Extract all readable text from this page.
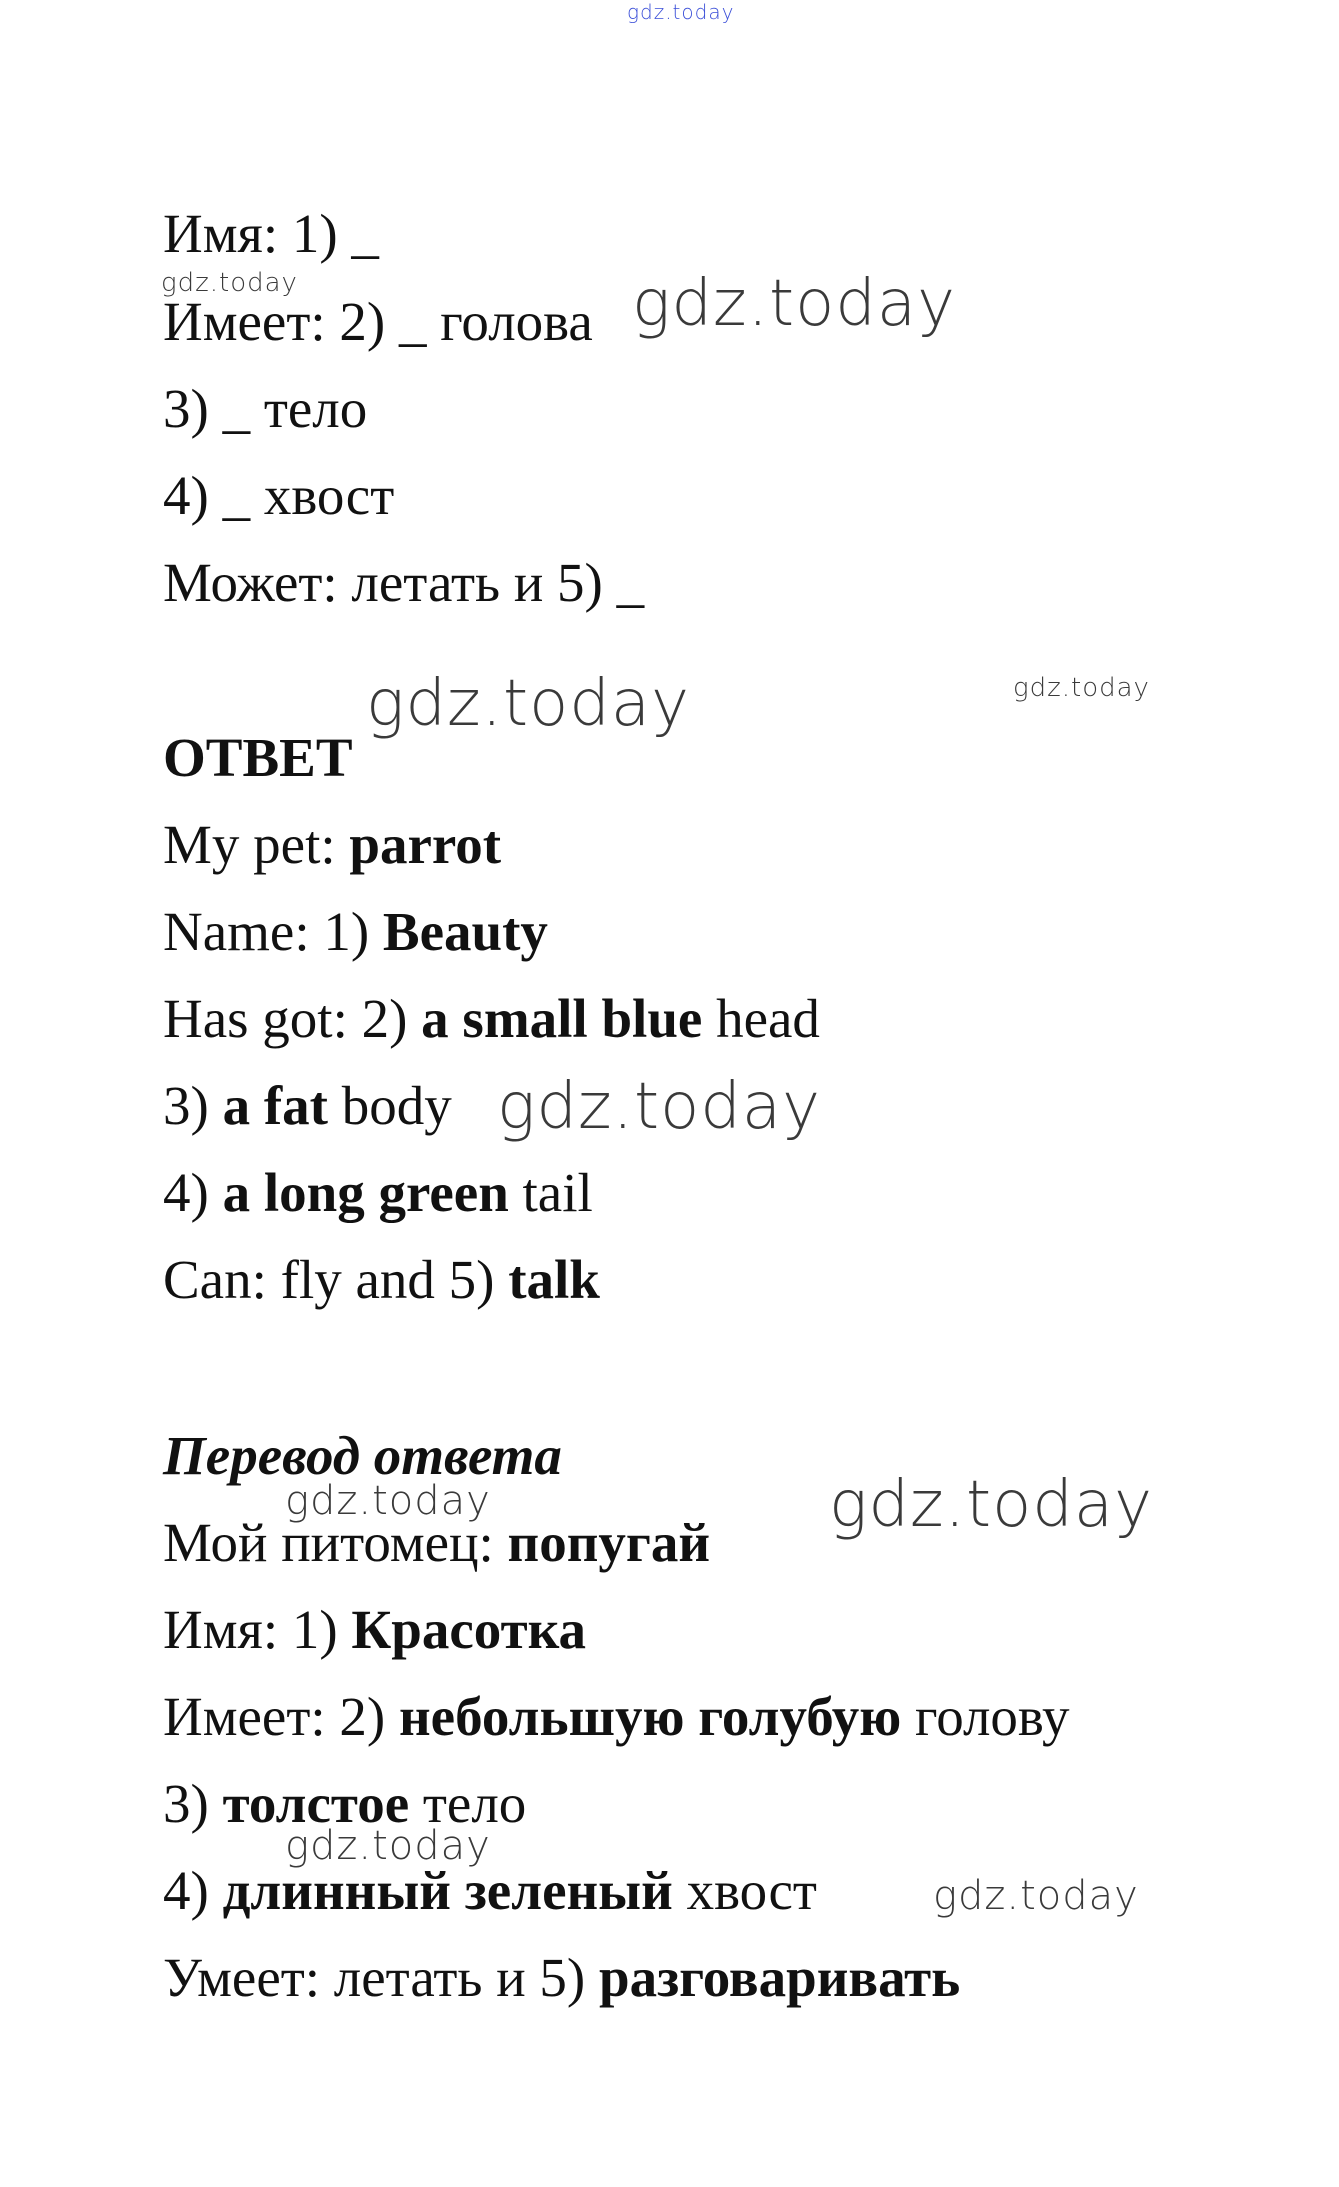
gdz.today
Имя: 1) _
Имеет: 2) _ голова
3) _ тело
4) _ хвост
Может: летать и 5) _
ОТВЕТ
My pet: parrot
Name: 1) Beauty
Has got: 2) a small blue head
3) a fat body
4) a long green tail
Can: fly and 5) talk
Перевод ответа
Мой питомец: попугай
Имя: 1) Красотка
Имеет: 2) небольшую голубую голову
3) толстое тело
4) длинный зеленый хвост
Умеет: летать и 5) разговаривать
gdz.today	gdz.today
gdz.today	gdz.today
gdz.today
gdz.today	gdz.today
gdz.today
gdz.today
